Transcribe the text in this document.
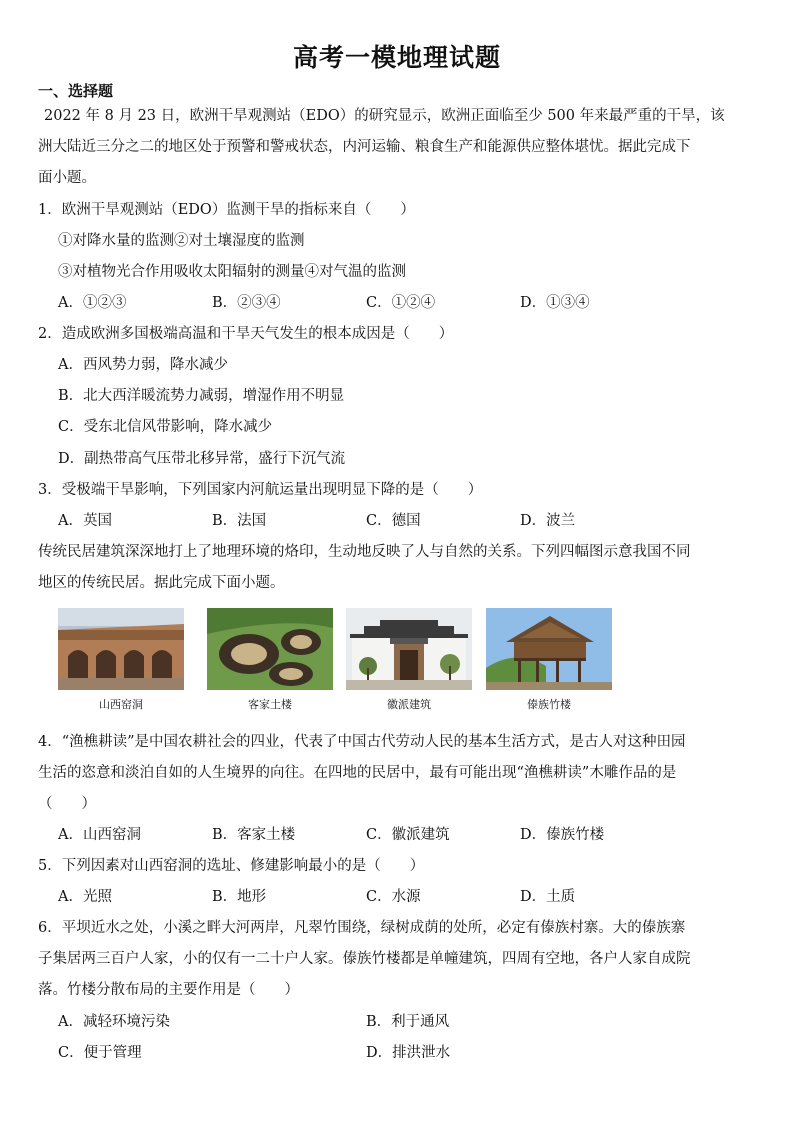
高考一模地理试题
一、选择题
2022 年 8 月 23 日，欧洲干旱观测站（EDO）的研究显示，欧洲正面临至少 500 年来最严重的干旱，该
洲大陆近三分之二的地区处于预警和警戒状态，内河运输、粮食生产和能源供应整体堪忧。据此完成下
面小题。
1．欧洲干旱观测站（EDO）监测干旱的指标来自（　　）
①对降水量的监测②对土壤湿度的监测
③对植物光合作用吸收太阳辐射的测量④对气温的监测
A．①②③	B．②③④	C．①②④	D．①③④
2．造成欧洲多国极端高温和干旱天气发生的根本成因是（　　）
A．西风势力弱，降水减少
B．北大西洋暖流势力减弱，增湿作用不明显
C．受东北信风带影响，降水减少
D．副热带高气压带北移异常，盛行下沉气流
3．受极端干旱影响，下列国家内河航运量出现明显下降的是（　　）
A．英国	B．法国	C．德国	D．波兰
传统民居建筑深深地打上了地理环境的烙印，生动地反映了人与自然的关系。下列四幅图示意我国不同
地区的传统民居。据此完成下面小题。
山西窑洞	客家土楼	徽派建筑	傣族竹楼
4．“渔樵耕读”是中国农耕社会的四业，代表了中国古代劳动人民的基本生活方式，是古人对这种田园
生活的恣意和淡泊自如的人生境界的向往。在四地的民居中，最有可能出现“渔樵耕读”木雕作品的是
（　　）
A．山西窑洞	B．客家土楼	C．徽派建筑	D．傣族竹楼
5．下列因素对山西窑洞的选址、修建影响最小的是（　　）
A．光照	B．地形	C．水源	D．土质
6．平坝近水之处，小溪之畔大河两岸，凡翠竹围绕，绿树成荫的处所，必定有傣族村寨。大的傣族寨
子集居两三百户人家，小的仅有一二十户人家。傣族竹楼都是单幢建筑，四周有空地，各户人家自成院
落。竹楼分散布局的主要作用是（　　）
A．减轻环境污染	B．利于通风
C．便于管理	D．排洪泄水
